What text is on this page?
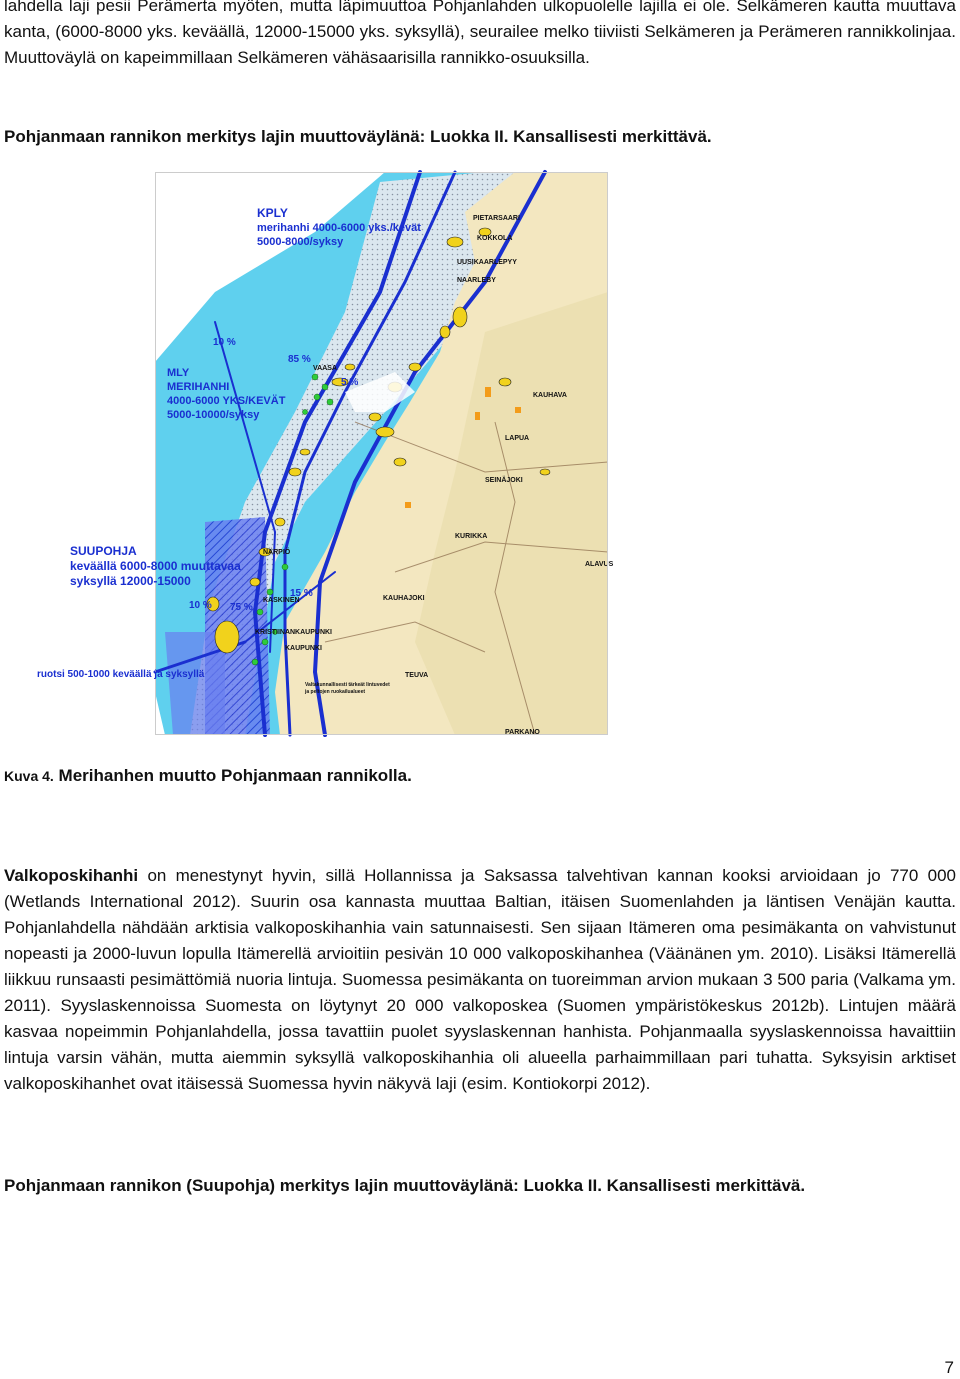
lahdella laji pesii Perämerta myöten, mutta läpimuuttoa Pohjanlahden ulkopuolelle lajilla ei ole. Selkämeren kautta muuttava kanta, (6000-8000 yks. keväällä, 12000-15000 yks. syksyllä), seurailee melko tiiviisti Selkämeren ja Perämeren rannikkolinjaa. Muuttoväylä on kapeimmillaan Selkämeren vähäsaarisilla rannikko-osuuksilla.

Pohjanmaan rannikon merkitys lajin muuttoväylänä: Luokka II. Kansallisesti merkittävä.

KPLY
merihanhi 4000-6000 yks./kevät
5000-8000/syksy
MLY
MERIHANHI
4000-6000 YKS/KEVÄT
5000-10000/syksy
10 %
85 %
5 %
10 % 75 %
15 %
PIETARSAARI
KOKKOLA
UUSIKAARLEPYY
NAARLEBY
VAASA
KAUHAVA
LAPUA
SEINÄJOKI
KURIKKA
ALAVUS
NÄRPIÖ
KAUHAJOKI
KASKINEN
KRISTIINANKAUPUNKI
PARKANO
TEUVA
KAUPUNKI
Valtakunnallisesti tärkeät lintuvedet
ja peltojen ruokailualueet
SUUPOHJA
keväällä 6000-8000 muuttavaa
syksyllä 12000-15000
ruotsi 500-1000 keväällä ja syksyllä

Kuva 4. Merihanhen muutto Pohjanmaan rannikolla.

Valkoposkihanhi on menestynyt hyvin, sillä Hollannissa ja Saksassa talvehtivan kannan kooksi arvioidaan jo 770 000 (Wetlands International 2012). Suurin osa kannasta muuttaa Baltian, itäisen Suomenlahden ja läntisen Venäjän kautta. Pohjanlahdella nähdään arktisia valkoposkihanhia vain satunnaisesti. Sen sijaan Itämeren oma pesimäkanta on vahvistunut nopeasti ja 2000-luvun lopulla Itämerellä arvioitiin pesivän 10 000 valkoposkihanhea (Väänänen ym. 2010). Lisäksi Itämerellä liikkuu runsaasti pesimättömiä nuoria lintuja. Suomessa pesimäkanta on tuoreimman arvion mukaan 3 500 paria (Valkama ym. 2011). Syyslaskennoissa Suomesta on löytynyt 20 000 valkoposkea (Suomen ympäristökeskus 2012b). Lintujen määrä kasvaa nopeimmin Pohjanlahdella, jossa tavattiin puolet syyslaskennan hanhista. Pohjanmaalla syyslaskennoissa havaittiin lintuja varsin vähän, mutta aiemmin syksyllä valkoposkihanhia oli alueella parhaimmillaan pari tuhatta. Syksyisin arktiset valkoposkihanhet ovat itäisessä Suomessa hyvin näkyvä laji (esim. Kontiokorpi 2012).

Pohjanmaan rannikon (Suupohja) merkitys lajin muuttoväylänä: Luokka II. Kansallisesti merkittävä.

7
